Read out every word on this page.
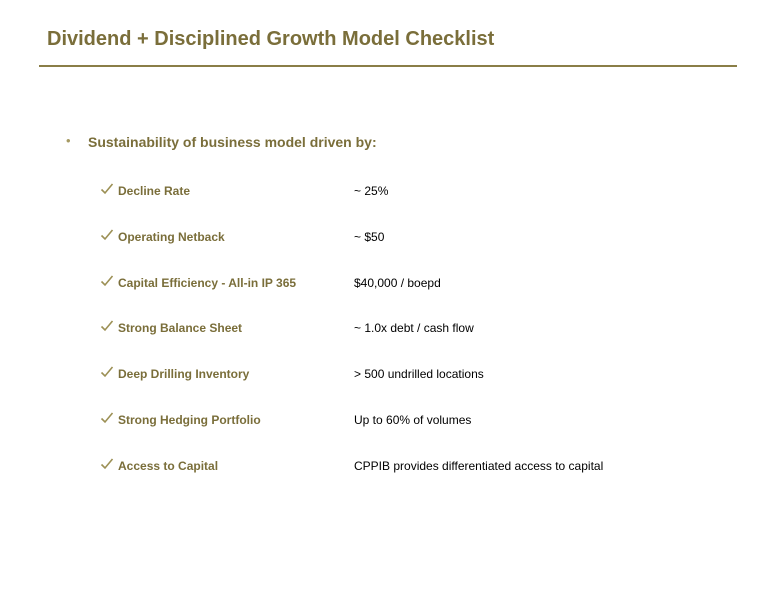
Dividend + Disciplined Growth Model Checklist
• Sustainability of business model driven by:
Decline Rate	~ 25%
Operating Netback	~ $50
Capital Efficiency - All-in IP 365	$40,000 / boepd
Strong Balance Sheet	~ 1.0x debt / cash flow
Deep Drilling Inventory	> 500 undrilled locations
Strong Hedging Portfolio	Up to 60% of volumes
Access to Capital	CPPIB provides differentiated access to capital
